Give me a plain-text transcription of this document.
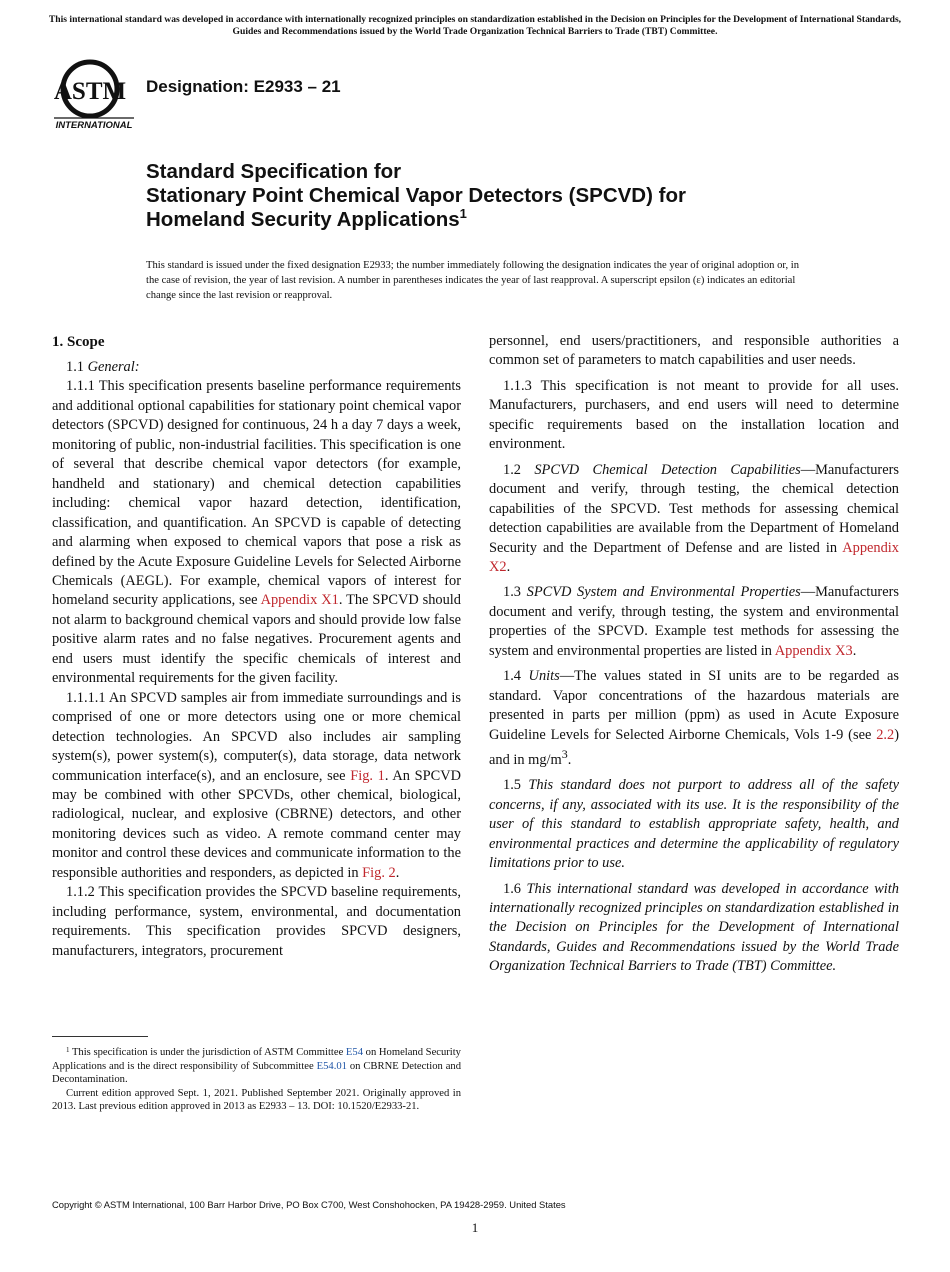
This international standard was developed in accordance with internationally recognized principles on standardization established in the Decision on Principles for the Development of International Standards, Guides and Recommendations issued by the World Trade Organization Technical Barriers to Trade (TBT) Committee.
ASTM
INTERNATIONAL
Designation: E2933 – 21
Standard Specification for
Stationary Point Chemical Vapor Detectors (SPCVD) for
Homeland Security Applications$^1$
This standard is issued under the fixed designation E2933; the number immediately following the designation indicates the year of original adoption or, in the case of revision, the year of last revision. A number in parentheses indicates the year of last reapproval. A superscript epsilon (ε) indicates an editorial change since the last revision or reapproval.
1. Scope

1.1 General:

1.1.1 This specification presents baseline performance requirements and additional optional capabilities for stationary point chemical vapor detectors (SPCVD) designed for continuous, 24 h a day 7 days a week, monitoring of public, non-industrial facilities. This specification is one of several that describe chemical vapor detectors (for example, handheld and stationary) and chemical detection capabilities including: chemical vapor hazard detection, identification, classification, and quantification. An SPCVD is capable of detecting and alarming when exposed to chemical vapors that pose a risk as defined by the Acute Exposure Guideline Levels for Selected Airborne Chemicals (AEGL). For example, chemical vapors of interest for homeland security applications, see Appendix X1. The SPCVD should not alarm to background chemical vapors and should provide low false positive alarm rates and no false negatives. Procurement agents and end users must identify the specific chemicals of interest and environmental requirements for the given facility.

1.1.1.1 An SPCVD samples air from immediate surroundings and is comprised of one or more detectors using one or more chemical detection technologies. An SPCVD also includes air sampling system(s), power system(s), computer(s), data storage, data network communication interface(s), and an enclosure, see Fig. 1. An SPCVD may be combined with other SPCVDs, other chemical, biological, radiological, nuclear, and explosive (CBRNE) detectors, and other monitoring devices such as video. A remote command center may monitor and control these devices and communicate information to the responsible authorities and responders, as depicted in Fig. 2.

1.1.2 This specification provides the SPCVD baseline requirements, including performance, system, environmental, and documentation requirements. This specification provides SPCVD designers, manufacturers, integrators, procurement

personnel, end users/practitioners, and responsible authorities a common set of parameters to match capabilities and user needs.

1.1.3 This specification is not meant to provide for all uses. Manufacturers, purchasers, and end users will need to determine specific requirements based on the installation location and environment.

1.2 SPCVD Chemical Detection Capabilities—Manufacturers document and verify, through testing, the chemical detection capabilities of the SPCVD. Test methods for assessing chemical detection capabilities are available from the Department of Homeland Security and the Department of Defense and are listed in Appendix X2.

1.3 SPCVD System and Environmental Properties—Manufacturers document and verify, through testing, the system and environmental properties of the SPCVD. Example test methods for assessing the system and environmental properties are listed in Appendix X3.

1.4 Units—The values stated in SI units are to be regarded as standard. Vapor concentrations of the hazardous materials are presented in parts per million (ppm) as used in Acute Exposure Guideline Levels for Selected Airborne Chemicals, Vols 1-9 (see 2.2) and in $mg/m^3$.

1.5 This standard does not purport to address all of the safety concerns, if any, associated with its use. It is the responsibility of the user of this standard to establish appropriate safety, health, and environmental practices and determine the applicability of regulatory limitations prior to use.

1.6 This international standard was developed in accordance with internationally recognized principles on standardization established in the Decision on Principles for the Development of International Standards, Guides and Recommendations issued by the World Trade Organization Technical Barriers to Trade (TBT) Committee.

$^1$ This specification is under the jurisdiction of ASTM Committee E54 on Homeland Security Applications and is the direct responsibility of Subcommittee E54.01 on CBRNE Detection and Decontamination.

Current edition approved Sept. 1, 2021. Published September 2021. Originally approved in 2013. Last previous edition approved in 2013 as E2933 – 13. DOI: 10.1520/E2933-21.

Copyright © ASTM International, 100 Barr Harbor Drive, PO Box C700, West Conshohocken, PA 19428-2959. United States
1
